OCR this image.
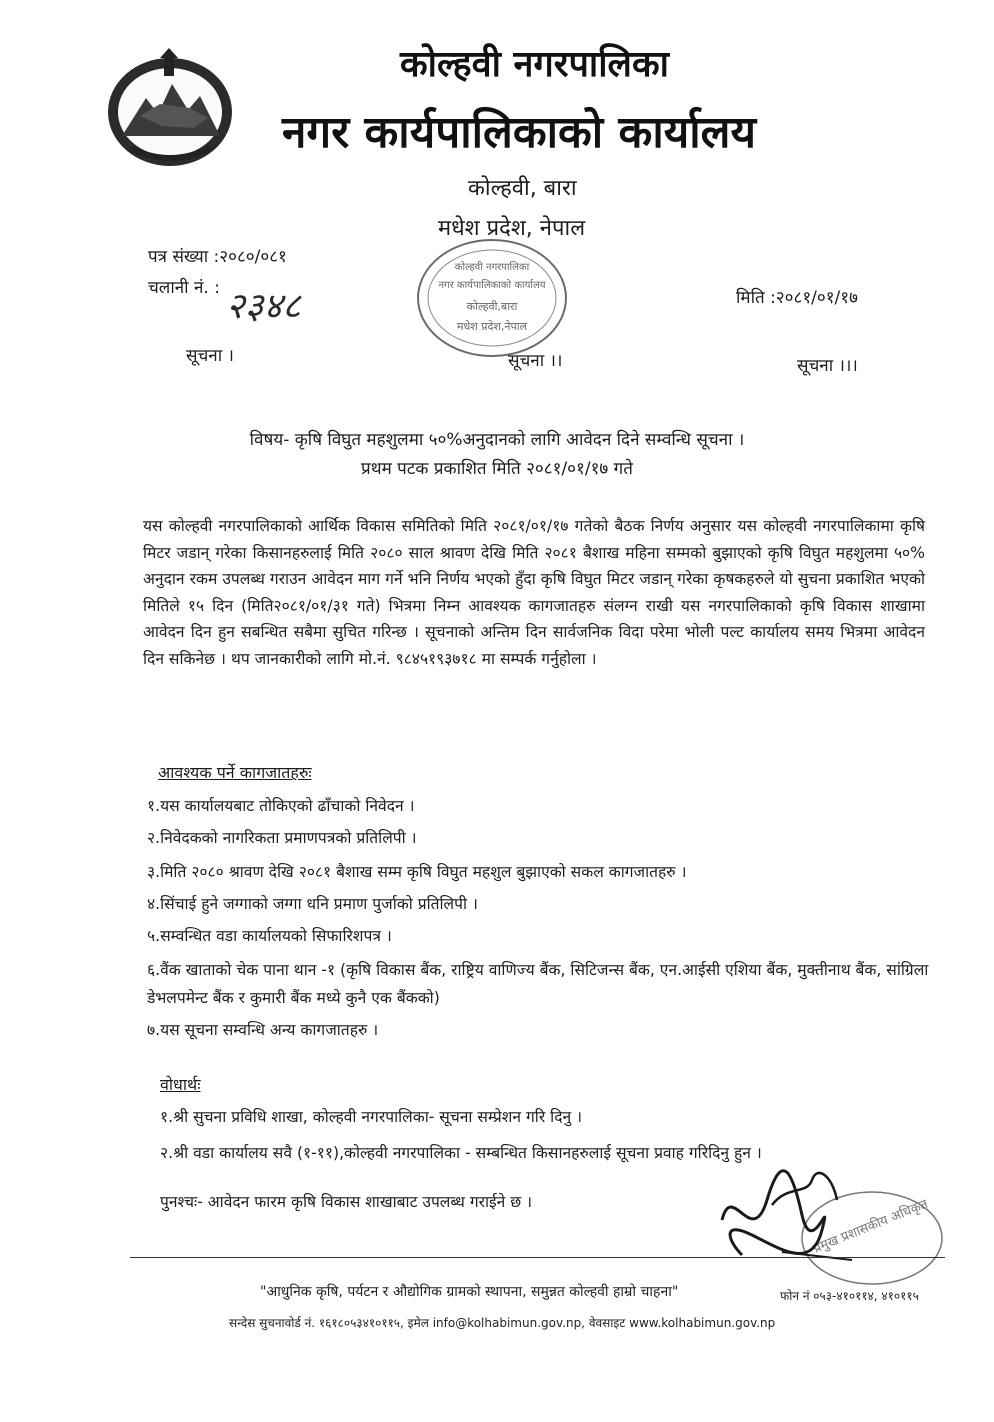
कोल्हवी नगरपालिका
नगर कार्यपालिकाको कार्यालय
कोल्हवी, बारा
मधेश प्रदेश, नेपाल
पत्र संख्या :२०८०/०८१
चलानी नं. : २३४८	मिति :२०८१/०१/१७
कोल्हवी नगरपालिका
नगर कार्यपालिकाको कार्यालय
कोल्हवी,बारा
मधेश प्रदेश,नेपाल
सूचना ।	सूचना ।।	सूचना ।।।
विषय- कृषि विघुत महशुलमा ५०%अनुदानको लागि आवेदन दिने सम्वन्धि सूचना ।
प्रथम पटक प्रकाशित मिति २०८१/०१/१७ गते

यस कोल्हवी नगरपालिकाको आर्थिक विकास समितिको मिति २०८१/०१/१७ गतेको बैठक निर्णय अनुसार यस कोल्हवी नगरपालिकामा कृषि मिटर जडान् गरेका किसानहरुलाई मिति २०८० साल श्रावण देखि मिति २०८१ बैशाख महिना सम्मको बुझाएको कृषि विघुत महशुलमा ५०% अनुदान रकम उपलब्ध गराउन आवेदन माग गर्ने भनि निर्णय भएको हुँदा कृषि विघुत मिटर जडान् गरेका कृषकहरुले यो सुचना प्रकाशित भएको मितिले १५ दिन (मिति२०८१/०१/३१ गते) भित्रमा निम्न आवश्यक कागजातहरु संलग्न राखी यस नगरपालिकाको कृषि विकास शाखामा आवेदन दिन हुन सबन्धित सबैमा सुचित गरिन्छ । सूचनाको अन्तिम दिन सार्वजनिक विदा परेमा भोली पल्ट कार्यालय समय भित्रमा आवेदन दिन सकिनेछ । थप जानकारीको लागि मो.नं. ९८४५१९३७१८ मा सम्पर्क गर्नुहोला ।

आवश्यक पर्ने कागजातहरुः
१.यस कार्यालयबाट तोकिएको ढाँचाको निवेदन ।
२.निवेदकको नागरिकता प्रमाणपत्रको प्रतिलिपी ।
३.मिति २०८० श्रावण देखि २०८१ बैशाख सम्म कृषि विघुत महशुल बुझाएको सकल कागजातहरु ।
४.सिंचाई हुने जग्गाको जग्गा धनि प्रमाण पुर्जाको प्रतिलिपी ।
५.सम्वन्धित वडा कार्यालयको सिफारिशपत्र ।
६.वैंक खाताको चेक पाना थान -१ (कृषि विकास बैंक, राष्ट्रिय वाणिज्य बैंक, सिटिजन्स बैंक, एन.आईसी एशिया बैंक, मुक्तीनाथ बैंक, सांग्रिला डेभलपमेन्ट बैंक र कुमारी बैंक मध्ये कुनै एक बैंकको)
७.यस सूचना सम्वन्धि अन्य कागजातहरु ।
वोधार्थः
१.श्री सुचना प्रविधि शाखा, कोल्हवी नगरपालिका- सूचना सम्प्रेशन गरि दिनु ।
२.श्री वडा कार्यालय सवै (१-११),कोल्हवी नगरपालिका - सम्बन्धित किसानहरुलाई सूचना प्रवाह गरिदिनु हुन ।
पुनश्चः- आवेदन फारम कृषि विकास शाखाबाट उपलब्ध गराईने छ ।	प्रमुख प्रशासकीय अधिकृत
"आधुनिक कृषि, पर्यटन र औद्योगिक ग्रामको स्थापना, समुन्नत कोल्हवी हाम्रो चाहना"	फोन नं ०५३-४१०११४, ४१०११५
सन्देस सुचनावोर्ड नं. १६१८०५३४१०११५, इमेल info@kolhabimun.gov.np, वेवसाइट www.kolhabimun.gov.np
